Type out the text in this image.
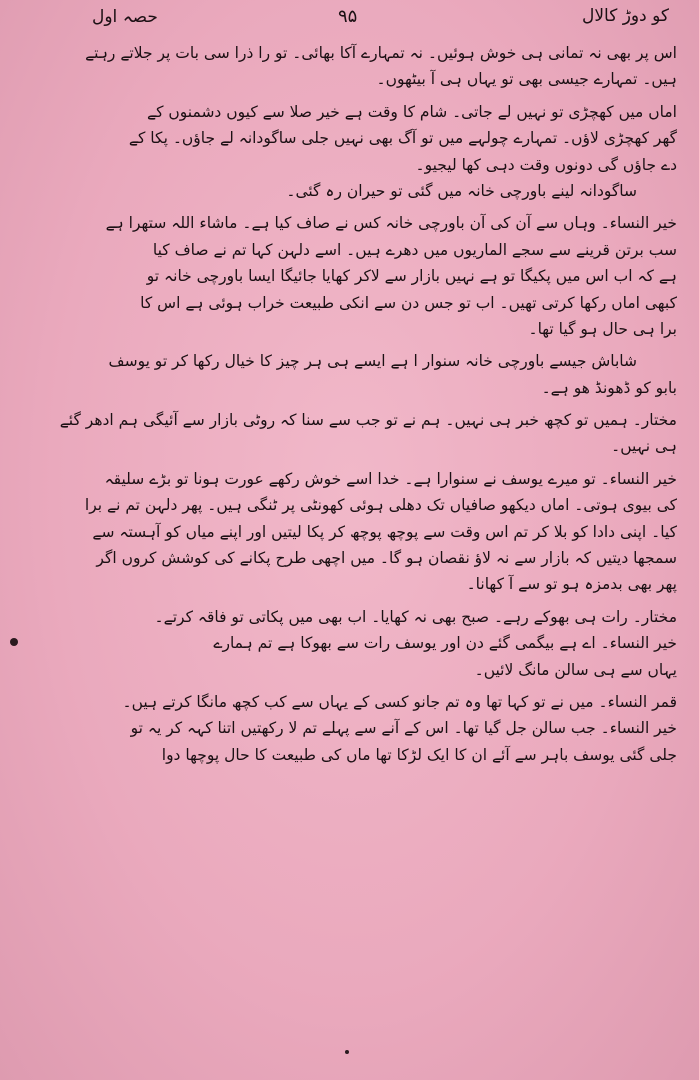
حصہ اول	۹۵	کو دوڑ کالال
اس پر بھی نہ تمانی ہی خوش ہوئیں۔ نہ تمہارے آکا بھائی۔ تو را ذرا سی بات پر جلاتے رہتے
ہیں۔ تمہارے جیسی بھی تو یہاں ہی آ بیٹھوں۔
اماں میں کھچڑی تو نہیں لے جاتی۔ شام کا وقت ہے خیر صلا سے کیوں دشمنوں کے
گھر کھچڑی لاؤں۔ تمہارے چولہے میں تو آگ بھی نہیں جلی ساگودانہ لے جاؤں۔ پکا کے
دے جاؤں گی دونوں وقت دہی کھا لیجیو۔
ساگودانہ لینے باورچی خانہ میں گئی تو حیران رہ گئی۔
خیر النساء۔ وہاں سے آن کی آن باورچی خانہ کس نے صاف کیا ہے۔ ماشاء اللہ ستھرا ہے
سب برتن قرینے سے سجے الماریوں میں دھرے ہیں۔ اسے دلہن کہا تم نے صاف کیا
ہے کہ اب اس میں پکیگا تو ہے نہیں بازار سے لاکر کھایا جائیگا ایسا باورچی خانہ تو
کبھی اماں رکھا کرتی تھیں۔ اب تو جس دن سے انکی طبیعت خراب ہوئی ہے اس کا
برا ہی حال ہو گیا تھا۔
شاباش جیسے باورچی خانہ سنوار ا ہے ایسے ہی ہر چیز کا خیال رکھا کر تو یوسف
بابو کو ڈھونڈ ھو ہے۔
مختار۔ ہمیں تو کچھ خبر ہی نہیں۔ ہم نے تو جب سے سنا کہ روٹی بازار سے آئیگی ہم ادھر گئے
ہی نہیں۔
خیر النساء۔ تو میرے یوسف نے سنوارا ہے۔ خدا اسے خوش رکھے عورت ہونا تو بڑے سلیقہ
کی بیوی ہوتی۔ اماں دیکھو صافیاں تک دھلی ہوئی کھونٹی پر ٹنگی ہیں۔ پھر دلہن تم نے برا
کیا۔ اپنی دادا کو بلا کر تم اس وقت سے پوچھ پوچھ کر پکا لیتیں اور اپنے میاں کو آہستہ سے
سمجھا دیتیں کہ بازار سے نہ لاؤ نقصان ہو گا۔ میں اچھی طرح پکانے کی کوشش کروں اگر
پھر بھی بدمزہ ہو تو سے آ کھانا۔
مختار۔ رات ہی بھوکے رہے۔ صبح بھی نہ کھایا۔ اب بھی میں پکاتی تو فاقہ کرتے۔
خیر النساء۔ اے ہے بیگمی گئے دن اور یوسف رات سے بھوکا ہے تم ہمارے
یہاں سے ہی سالن مانگ لائیں۔
قمر النساء۔ میں نے تو کہا تھا وہ تم جانو کسی کے یہاں سے کب کچھ مانگا کرتے ہیں۔
خیر النساء۔ جب سالن جل گیا تھا۔ اس کے آنے سے پہلے تم لا رکھتیں اتنا کہہ کر یہ تو
جلی گئی یوسف باہر سے آئے ان کا ایک لڑکا تھا ماں کی طبیعت کا حال پوچھا دوا
